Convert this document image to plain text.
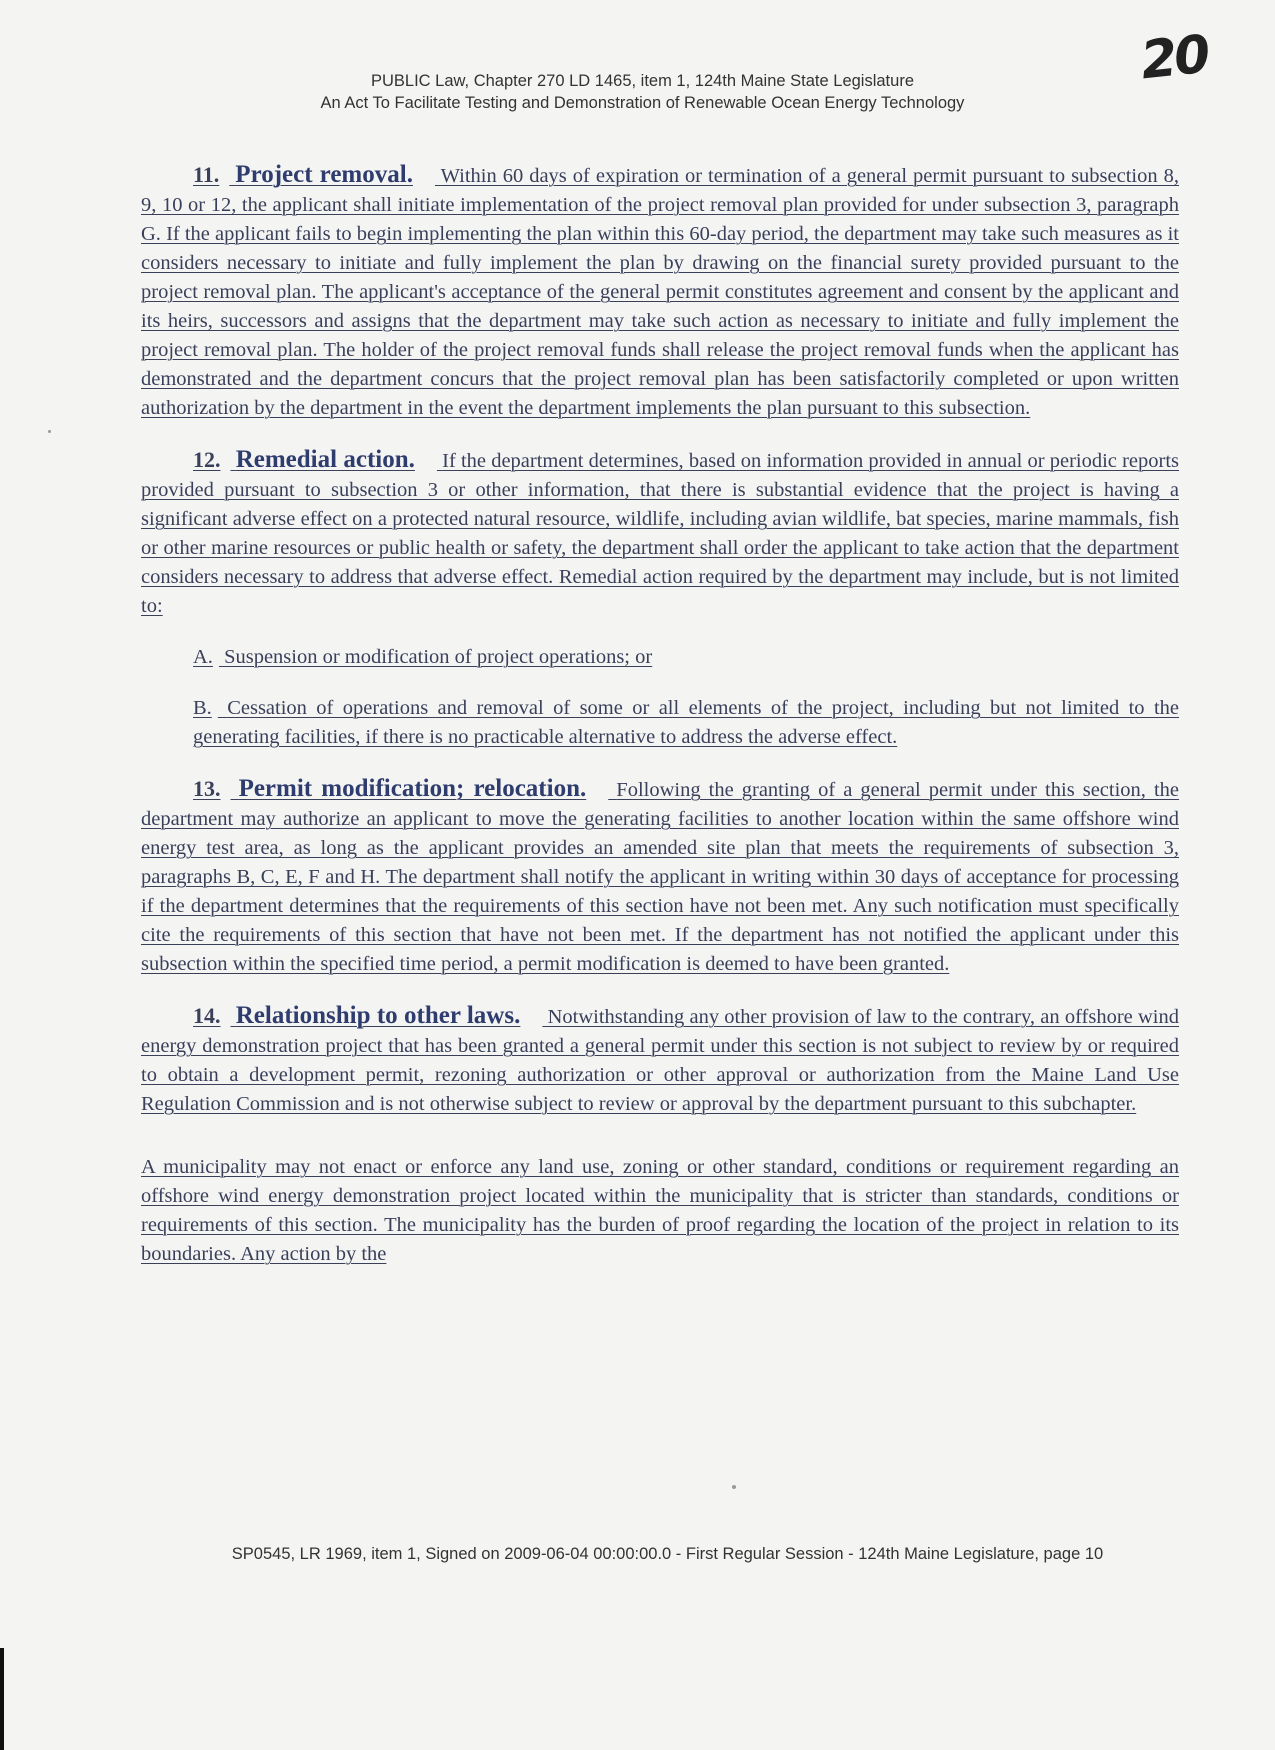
20
PUBLIC Law, Chapter 270 LD 1465, item 1, 124th Maine State Legislature
An Act To Facilitate Testing and Demonstration of Renewable Ocean Energy Technology

11. Project removal. Within 60 days of expiration or termination of a general permit pursuant to subsection 8, 9, 10 or 12, the applicant shall initiate implementation of the project removal plan provided for under subsection 3, paragraph G. If the applicant fails to begin implementing the plan within this 60-day period, the department may take such measures as it considers necessary to initiate and fully implement the plan by drawing on the financial surety provided pursuant to the project removal plan. The applicant's acceptance of the general permit constitutes agreement and consent by the applicant and its heirs, successors and assigns that the department may take such action as necessary to initiate and fully implement the project removal plan. The holder of the project removal funds shall release the project removal funds when the applicant has demonstrated and the department concurs that the project removal plan has been satisfactorily completed or upon written authorization by the department in the event the department implements the plan pursuant to this subsection.

12. Remedial action. If the department determines, based on information provided in annual or periodic reports provided pursuant to subsection 3 or other information, that there is substantial evidence that the project is having a significant adverse effect on a protected natural resource, wildlife, including avian wildlife, bat species, marine mammals, fish or other marine resources or public health or safety, the department shall order the applicant to take action that the department considers necessary to address that adverse effect. Remedial action required by the department may include, but is not limited to:

A. Suspension or modification of project operations; or

B. Cessation of operations and removal of some or all elements of the project, including but not limited to the generating facilities, if there is no practicable alternative to address the adverse effect.

13. Permit modification; relocation. Following the granting of a general permit under this section, the department may authorize an applicant to move the generating facilities to another location within the same offshore wind energy test area, as long as the applicant provides an amended site plan that meets the requirements of subsection 3, paragraphs B, C, E, F and H. The department shall notify the applicant in writing within 30 days of acceptance for processing if the department determines that the requirements of this section have not been met. Any such notification must specifically cite the requirements of this section that have not been met. If the department has not notified the applicant under this subsection within the specified time period, a permit modification is deemed to have been granted.

14. Relationship to other laws. Notwithstanding any other provision of law to the contrary, an offshore wind energy demonstration project that has been granted a general permit under this section is not subject to review by or required to obtain a development permit, rezoning authorization or other approval or authorization from the Maine Land Use Regulation Commission and is not otherwise subject to review or approval by the department pursuant to this subchapter.

A municipality may not enact or enforce any land use, zoning or other standard, conditions or requirement regarding an offshore wind energy demonstration project located within the municipality that is stricter than standards, conditions or requirements of this section. The municipality has the burden of proof regarding the location of the project in relation to its boundaries. Any action by the

SP0545, LR 1969, item 1, Signed on 2009-06-04 00:00:00.0 - First Regular Session - 124th Maine Legislature, page 10
